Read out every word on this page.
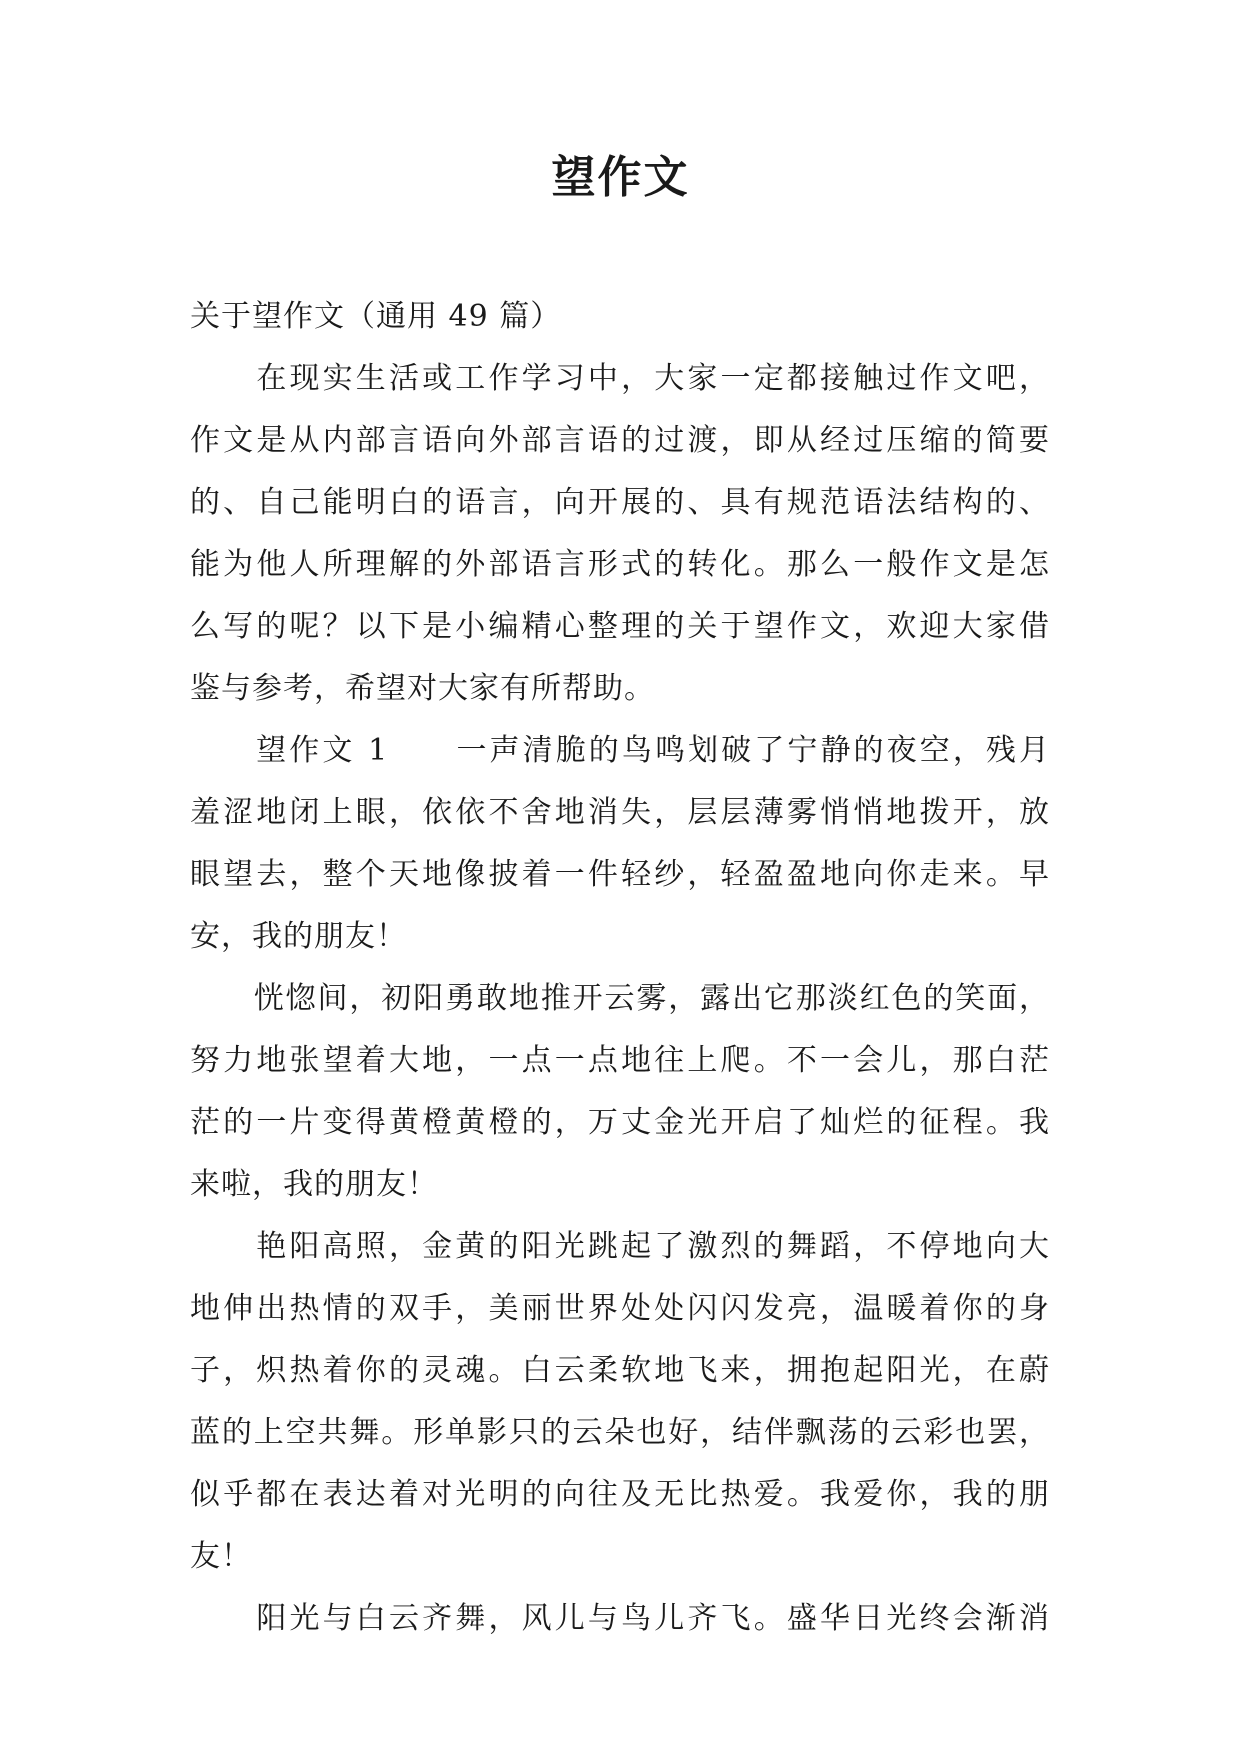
望作文
关于望作文（通用 49 篇）
　　在现实生活或工作学习中，大家一定都接触过作文吧，
作文是从内部言语向外部言语的过渡，即从经过压缩的简要
的、自己能明白的语言，向开展的、具有规范语法结构的、
能为他人所理解的外部语言形式的转化。那么一般作文是怎
么写的呢？以下是小编精心整理的关于望作文，欢迎大家借
鉴与参考，希望对大家有所帮助。
　　望作文 1　　一声清脆的鸟鸣划破了宁静的夜空，残月
羞涩地闭上眼，依依不舍地消失，层层薄雾悄悄地拨开，放
眼望去，整个天地像披着一件轻纱，轻盈盈地向你走来。早
安，我的朋友！
　　恍惚间，初阳勇敢地推开云雾，露出它那淡红色的笑面，
努力地张望着大地，一点一点地往上爬。不一会儿，那白茫
茫的一片变得黄橙黄橙的，万丈金光开启了灿烂的征程。我
来啦，我的朋友！
　　艳阳高照，金黄的阳光跳起了激烈的舞蹈，不停地向大
地伸出热情的双手，美丽世界处处闪闪发亮，温暖着你的身
子，炽热着你的灵魂。白云柔软地飞来，拥抱起阳光，在蔚
蓝的上空共舞。形单影只的云朵也好，结伴飘荡的云彩也罢，
似乎都在表达着对光明的向往及无比热爱。我爱你，我的朋
友！
　　阳光与白云齐舞，风儿与鸟儿齐飞。盛华日光终会渐消
